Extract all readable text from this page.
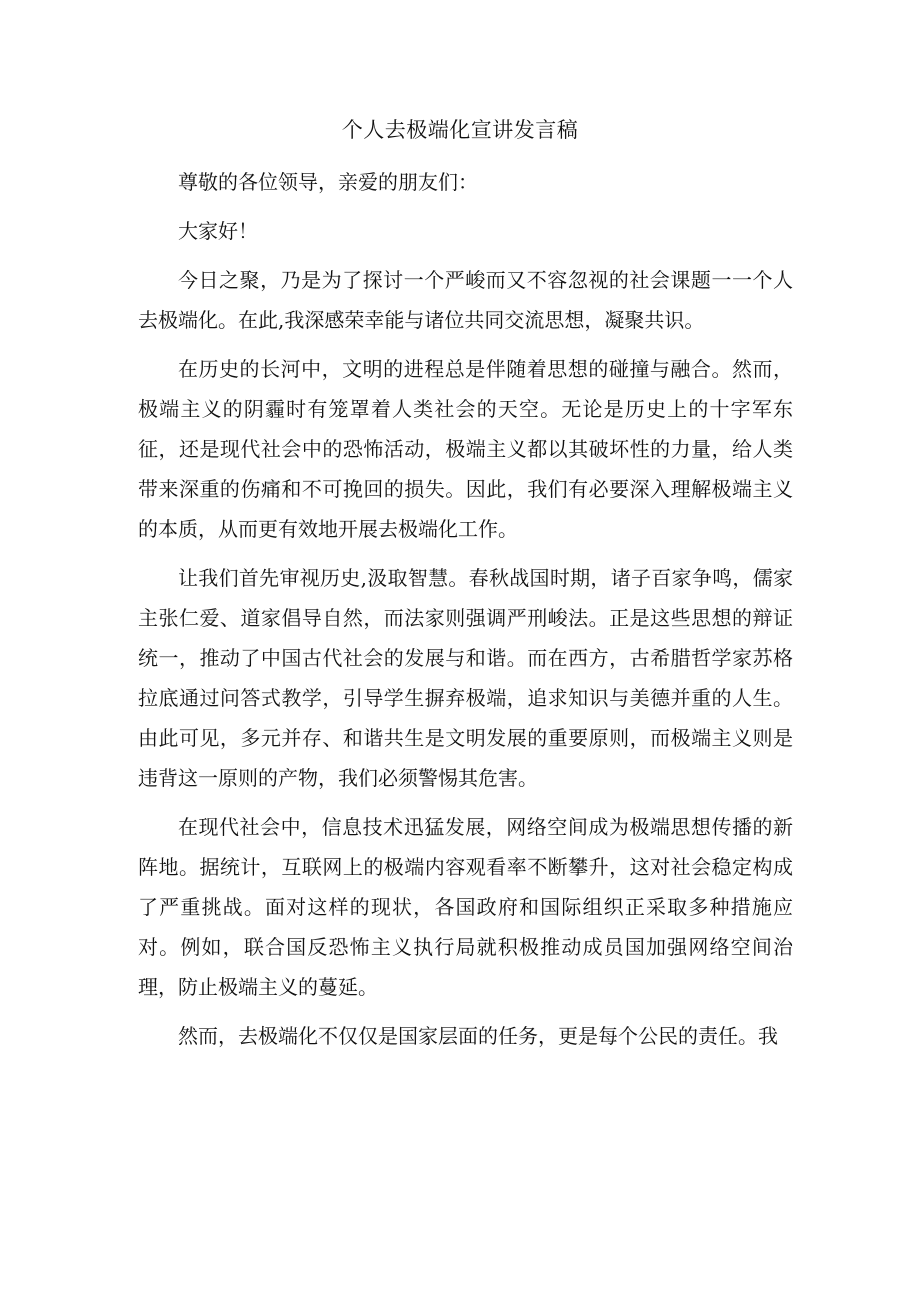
个人去极端化宣讲发言稿

尊敬的各位领导，亲爱的朋友们：

大家好！

今日之聚，乃是为了探讨一个严峻而又不容忽视的社会课题一一个人去极端化。在此,我深感荣幸能与诸位共同交流思想，凝聚共识。

在历史的长河中，文明的进程总是伴随着思想的碰撞与融合。然而，极端主义的阴霾时有笼罩着人类社会的天空。无论是历史上的十字军东征，还是现代社会中的恐怖活动，极端主义都以其破坏性的力量，给人类带来深重的伤痛和不可挽回的损失。因此，我们有必要深入理解极端主义的本质，从而更有效地开展去极端化工作。

让我们首先审视历史,汲取智慧。春秋战国时期，诸子百家争鸣，儒家主张仁爱、道家倡导自然，而法家则强调严刑峻法。正是这些思想的辩证统一，推动了中国古代社会的发展与和谐。而在西方，古希腊哲学家苏格拉底通过问答式教学，引导学生摒弃极端，追求知识与美德并重的人生。由此可见，多元并存、和谐共生是文明发展的重要原则，而极端主义则是违背这一原则的产物，我们必须警惕其危害。

在现代社会中，信息技术迅猛发展，网络空间成为极端思想传播的新阵地。据统计，互联网上的极端内容观看率不断攀升，这对社会稳定构成了严重挑战。面对这样的现状，各国政府和国际组织正采取多种措施应对。例如，联合国反恐怖主义执行局就积极推动成员国加强网络空间治理，防止极端主义的蔓延。

然而，去极端化不仅仅是国家层面的任务，更是每个公民的责任。我
